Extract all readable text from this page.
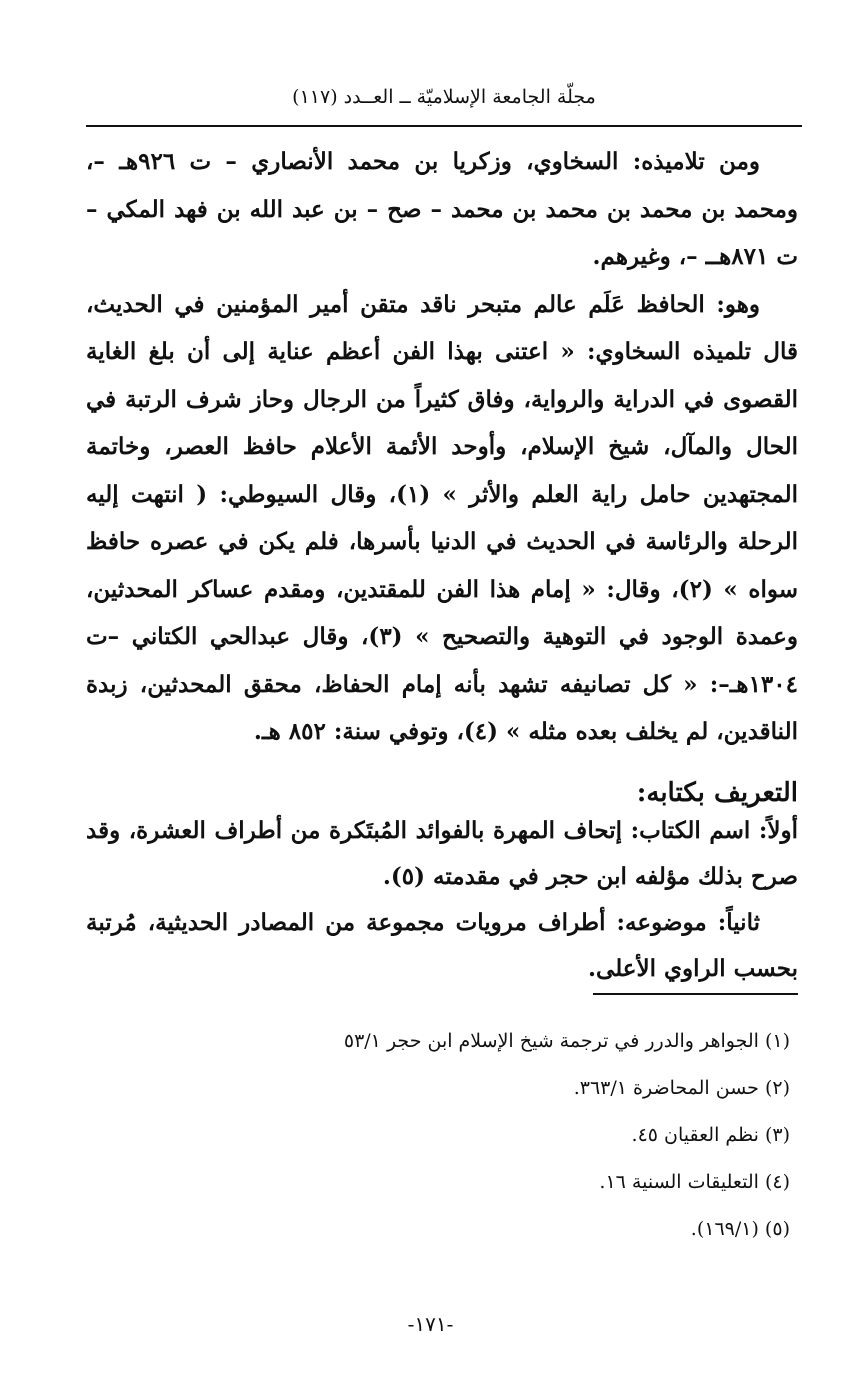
مجلّة الجامعة الإسلاميّة ــ العــدد (١١٧)

ومن تلاميذه: السخاوي، وزكريا بن محمد الأنصاري – ت ٩٢٦هـ –، ومحمد بن محمد بن محمد بن محمد – صح – بن عبد الله بن فهد المكي – ت ٨٧١هــ –، وغيرهم.

وهو: الحافظ عَلَم عالم متبحر ناقد متقن أمير المؤمنين في الحديث، قال تلميذه السخاوي: « اعتنى بهذا الفن أعظم عناية إلى أن بلغ الغاية القصوى في الدراية والرواية، وفاق كثيراً من الرجال وحاز شرف الرتبة في الحال والمآل، شيخ الإسلام، وأوحد الأئمة الأعلام حافظ العصر، وخاتمة المجتهدين حامل راية العلم والأثر » (١)، وقال السيوطي: ( انتهت إليه الرحلة والرئاسة في الحديث في الدنيا بأسرها، فلم يكن في عصره حافظ سواه » (٢)، وقال: « إمام هذا الفن للمقتدين، ومقدم عساكر المحدثين، وعمدة الوجود في التوهية والتصحيح » (٣)، وقال عبدالحي الكتاني –ت ١٣٠٤هـ–: « كل تصانيفه تشهد بأنه إمام الحفاظ، محقق المحدثين، زبدة الناقدين، لم يخلف بعده مثله » (٤)، وتوفي سنة: ٨٥٢ هـ.

التعريف بكتابه:

أولاً: اسم الكتاب: إتحاف المهرة بالفوائد المُبتَكرة من أطراف العشرة، وقد صرح بذلك مؤلفه ابن حجر في مقدمته (٥).

ثانياً: موضوعه: أطراف مرويات مجموعة من المصادر الحديثية، مُرتبة بحسب الراوي الأعلى.

(١) الجواهر والدرر في ترجمة شيخ الإسلام ابن حجر ٥٣/١
(٢) حسن المحاضرة ٣٦٣/١.
(٣) نظم العقيان ٤٥.
(٤) التعليقات السنية ١٦.
(٥) (١٦٩/١).
-١٧١-
